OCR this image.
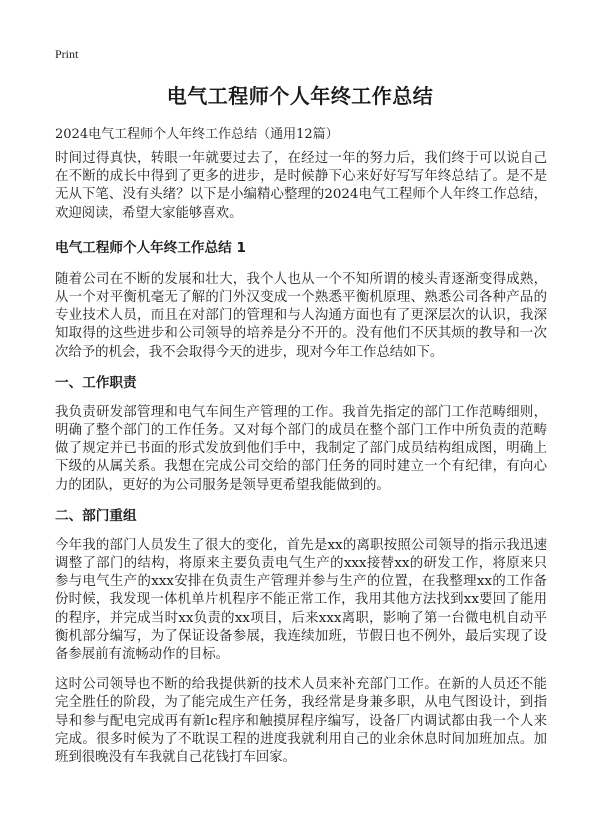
Print
电气工程师个人年终工作总结
2024电气工程师个人年终工作总结（通用12篇）

时间过得真快，转眼一年就要过去了，在经过一年的努力后，我们终于可以说自己在不断的成长中得到了更多的进步，是时候静下心来好好写写年终总结了。是不是无从下笔、没有头绪？以下是小编精心整理的2024电气工程师个人年终工作总结，欢迎阅读，希望大家能够喜欢。

电气工程师个人年终工作总结 1

随着公司在不断的发展和壮大，我个人也从一个不知所谓的棱头青逐渐变得成熟，从一个对平衡机毫无了解的门外汉变成一个熟悉平衡机原理、熟悉公司各种产品的专业技术人员，而且在对部门的管理和与人沟通方面也有了更深层次的认识，我深知取得的这些进步和公司领导的培养是分不开的。没有他们不厌其烦的教导和一次次给予的机会，我不会取得今天的进步，现对今年工作总结如下。

一、工作职责

我负责研发部管理和电气车间生产管理的工作。我首先指定的部门工作范畴细则，明确了整个部门的工作任务。又对每个部门的成员在整个部门工作中所负责的范畴做了规定并已书面的形式发放到他们手中，我制定了部门成员结构组成图，明确上下级的从属关系。我想在完成公司交给的部门任务的同时建立一个有纪律，有向心力的团队，更好的为公司服务是领导更希望我能做到的。

二、部门重组

今年我的部门人员发生了很大的变化，首先是xx的离职按照公司领导的指示我迅速调整了部门的结构，将原来主要负责电气生产的xxx接替xx的研发工作，将原来只参与电气生产的xxx安排在负责生产管理并参与生产的位置，在我整理xx的工作备份时候，我发现一体机单片机程序不能正常工作，我用其他方法找到xx要回了能用的程序，并完成当时xx负责的xx项目，后来xxx离职，影响了第一台微电机自动平衡机部分编写，为了保证设备参展，我连续加班，节假日也不例外，最后实现了设备参展前有流畅动作的目标。

这时公司领导也不断的给我提供新的技术人员来补充部门工作。在新的人员还不能完全胜任的阶段，为了能完成生产任务，我经常是身兼多职，从电气图设计，到指导和参与配电完成再有新lc程序和触摸屏程序编写，设备厂内调试都由我一个人来完成。很多时候为了不耽误工程的进度我就利用自己的业余休息时间加班加点。加班到很晚没有车我就自己花钱打车回家。
